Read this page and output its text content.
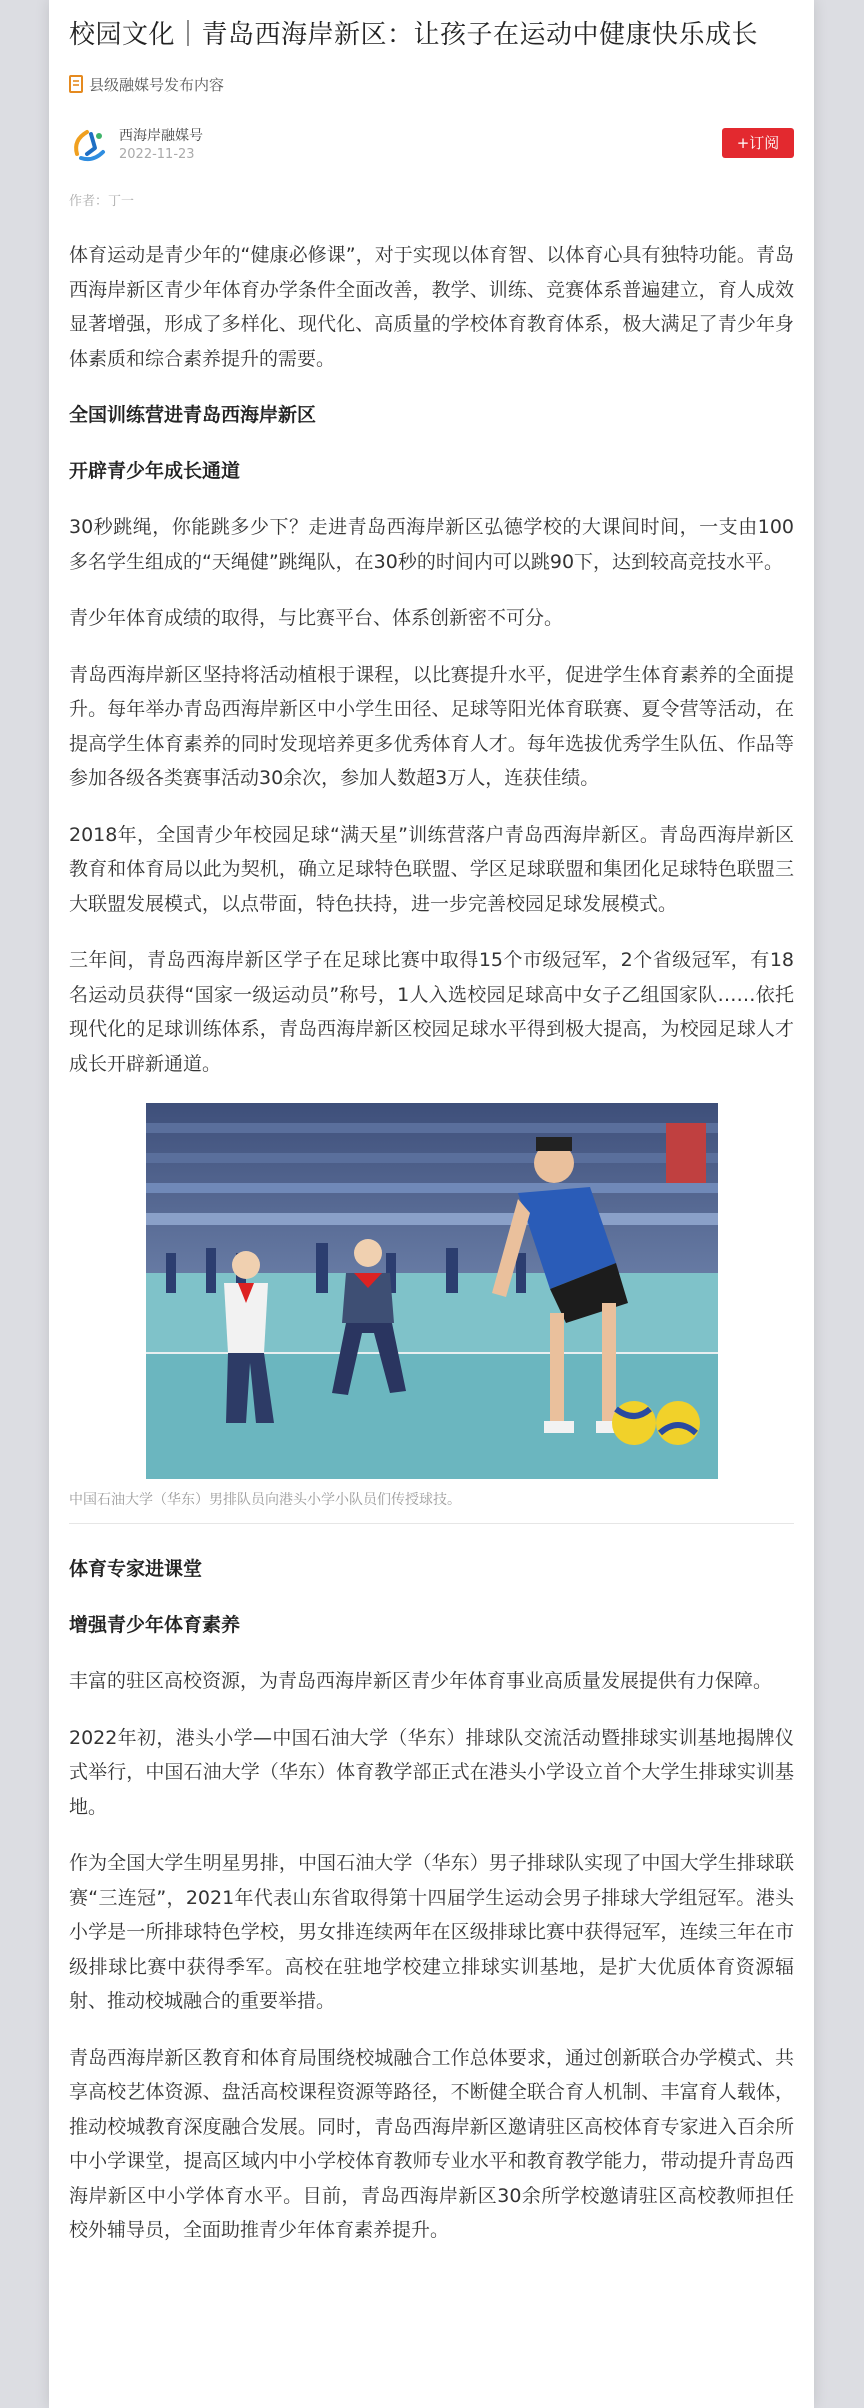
校园文化｜青岛西海岸新区：让孩子在运动中健康快乐成长
县级融媒号发布内容
西海岸融媒号
2022-11-23
+订阅
作者：丁一

体育运动是青少年的“健康必修课”，对于实现以体育智、以体育心具有独特功能。青岛西海岸新区青少年体育办学条件全面改善，教学、训练、竞赛体系普遍建立，育人成效显著增强，形成了多样化、现代化、高质量的学校体育教育体系，极大满足了青少年身体素质和综合素养提升的需要。

全国训练营进青岛西海岸新区
开辟青少年成长通道

30秒跳绳，你能跳多少下？走进青岛西海岸新区弘德学校的大课间时间，一支由100多名学生组成的“天绳健”跳绳队，在30秒的时间内可以跳90下，达到较高竞技水平。

青少年体育成绩的取得，与比赛平台、体系创新密不可分。

青岛西海岸新区坚持将活动植根于课程，以比赛提升水平，促进学生体育素养的全面提升。每年举办青岛西海岸新区中小学生田径、足球等阳光体育联赛、夏令营等活动，在提高学生体育素养的同时发现培养更多优秀体育人才。每年选拔优秀学生队伍、作品等参加各级各类赛事活动30余次，参加人数超3万人，连获佳绩。

2018年，全国青少年校园足球“满天星”训练营落户青岛西海岸新区。青岛西海岸新区教育和体育局以此为契机，确立足球特色联盟、学区足球联盟和集团化足球特色联盟三大联盟发展模式，以点带面，特色扶持，进一步完善校园足球发展模式。

三年间，青岛西海岸新区学子在足球比赛中取得15个市级冠军，2个省级冠军，有18名运动员获得“国家一级运动员”称号，1人入选校园足球高中女子乙组国家队……依托现代化的足球训练体系，青岛西海岸新区校园足球水平得到极大提高，为校园足球人才成长开辟新通道。

中国石油大学（华东）男排队员向港头小学小队员们传授球技。
体育专家进课堂
增强青少年体育素养

丰富的驻区高校资源，为青岛西海岸新区青少年体育事业高质量发展提供有力保障。

2022年初，港头小学—中国石油大学（华东）排球队交流活动暨排球实训基地揭牌仪式举行，中国石油大学（华东）体育教学部正式在港头小学设立首个大学生排球实训基地。

作为全国大学生明星男排，中国石油大学（华东）男子排球队实现了中国大学生排球联赛“三连冠”，2021年代表山东省取得第十四届学生运动会男子排球大学组冠军。港头小学是一所排球特色学校，男女排连续两年在区级排球比赛中获得冠军，连续三年在市级排球比赛中获得季军。高校在驻地学校建立排球实训基地，是扩大优质体育资源辐射、推动校城融合的重要举措。

青岛西海岸新区教育和体育局围绕校城融合工作总体要求，通过创新联合办学模式、共享高校艺体资源、盘活高校课程资源等路径，不断健全联合育人机制、丰富育人载体，推动校城教育深度融合发展。同时，青岛西海岸新区邀请驻区高校体育专家进入百余所中小学课堂，提高区域内中小学校体育教师专业水平和教育教学能力，带动提升青岛西海岸新区中小学体育水平。目前，青岛西海岸新区30余所学校邀请驻区高校教师担任校外辅导员，全面助推青少年体育素养提升。
